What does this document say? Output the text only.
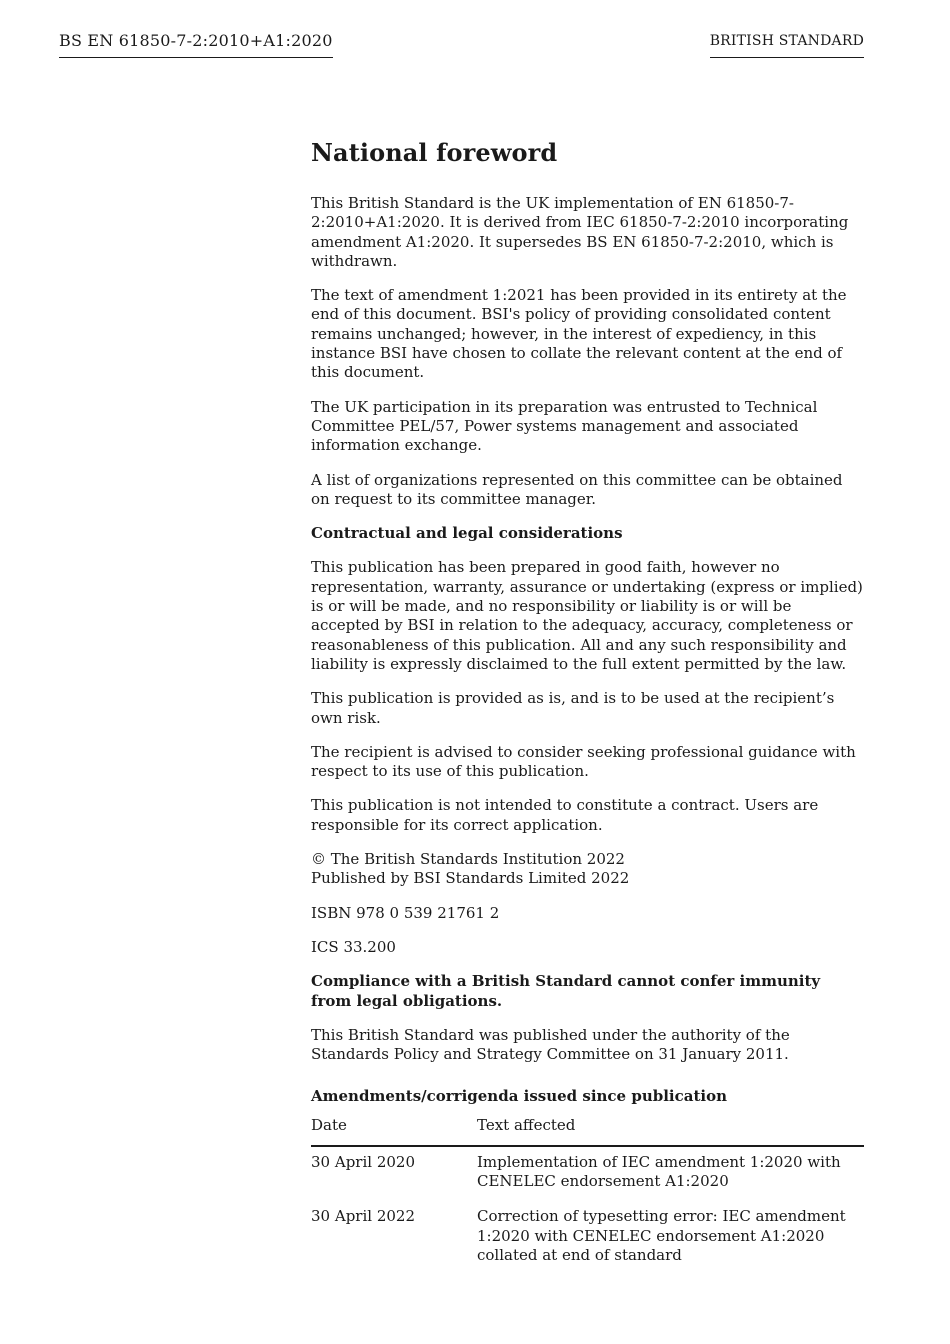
BS EN 61850-7-2:2010+A1:2020	BRITISH STANDARD
National foreword

This British Standard is the UK implementation of EN 61850-7-2:2010+A1:2020. It is derived from IEC 61850-7-2:2010 incorporating amendment A1:2020. It supersedes BS EN 61850-7-2:2010, which is withdrawn.

The text of amendment 1:2021 has been provided in its entirety at the end of this document. BSI's policy of providing consolidated content remains unchanged; however, in the interest of expediency, in this instance BSI have chosen to collate the relevant content at the end of this document.

The UK participation in its preparation was entrusted to Technical Committee PEL/57, Power systems management and associated information exchange.

A list of organizations represented on this committee can be obtained on request to its committee manager.

Contractual and legal considerations

This publication has been prepared in good faith, however no representation, warranty, assurance or undertaking (express or implied) is or will be made, and no responsibility or liability is or will be accepted by BSI in relation to the adequacy, accuracy, completeness or reasonableness of this publication. All and any such responsibility and liability is expressly disclaimed to the full extent permitted by the law.

This publication is provided as is, and is to be used at the recipient’s own risk.

The recipient is advised to consider seeking professional guidance with respect to its use of this publication.

This publication is not intended to constitute a contract. Users are responsible for its correct application.

© The British Standards Institution 2022
Published by BSI Standards Limited 2022

ISBN 978 0 539 21761 2

ICS 33.200

Compliance with a British Standard cannot confer immunity from legal obligations.

This British Standard was published under the authority of the Standards Policy and Strategy Committee on 31 January 2011.

Amendments/corrigenda issued since publication
Date	Text affected
30 April 2020	Implementation of IEC amendment 1:2020 with CENELEC endorsement A1:2020
30 April 2022	Correction of typesetting error: IEC amendment 1:2020 with CENELEC endorsement A1:2020 collated at end of standard
